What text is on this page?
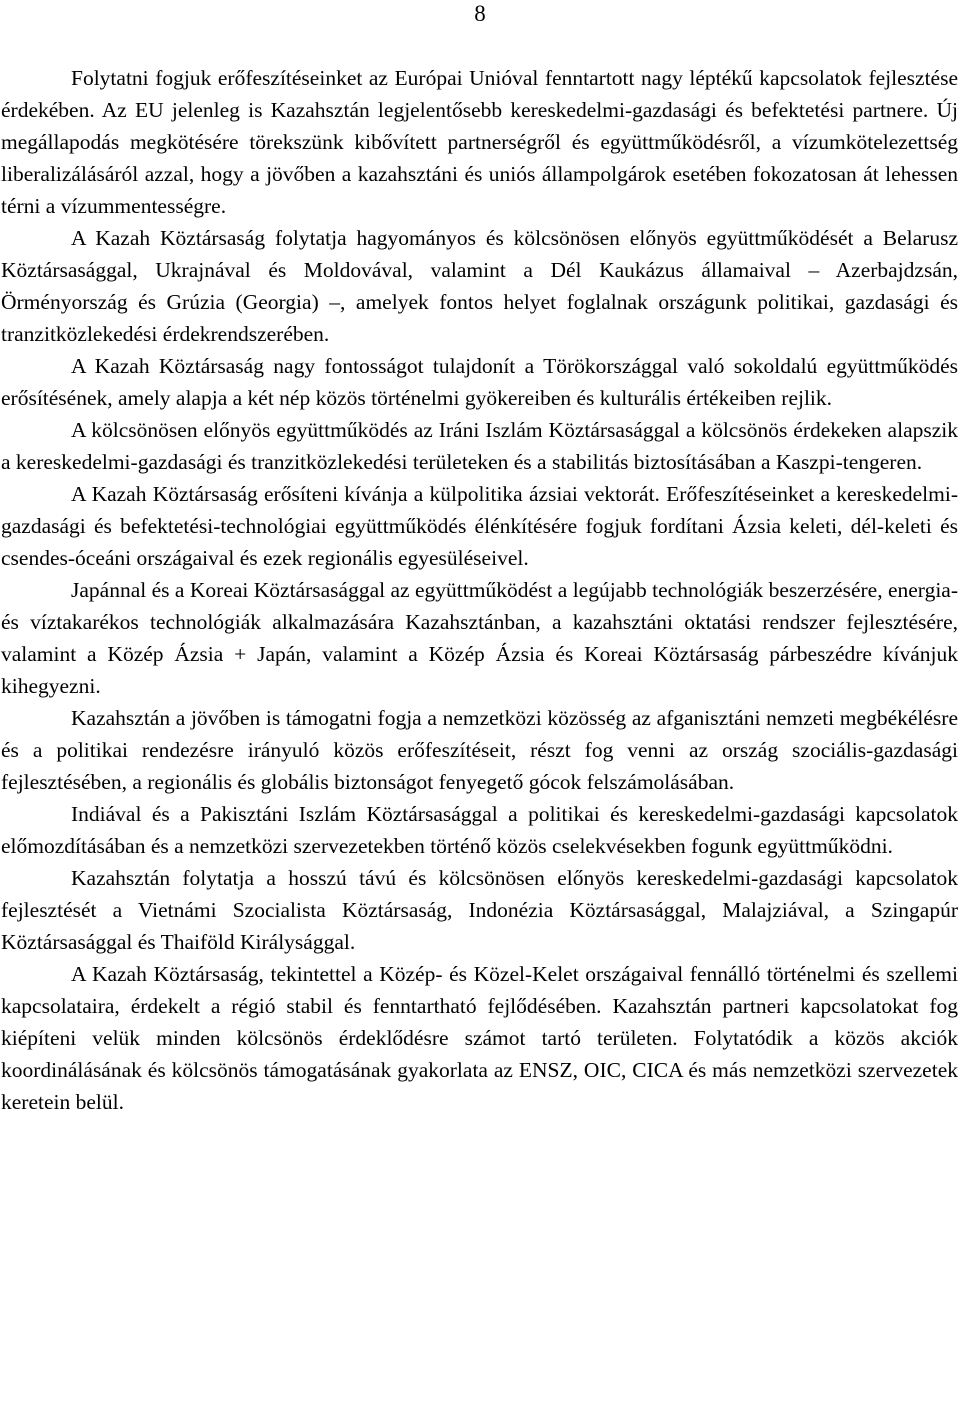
8

Folytatni fogjuk erőfeszítéseinket az Európai Unióval fenntartott nagy léptékű kapcsolatok fejlesztése érdekében. Az EU jelenleg is Kazahsztán legjelentősebb kereskedelmi-gazdasági és befektetési partnere. Új megállapodás megkötésére törekszünk kibővített partnerségről és együttműködésről, a vízumkötelezettség liberalizálásáról azzal, hogy a jövőben a kazahsztáni és uniós állampolgárok esetében fokozatosan át lehessen térni a vízummentességre.

A Kazah Köztársaság folytatja hagyományos és kölcsönösen előnyös együttműködését a Belarusz Köztársasággal, Ukrajnával és Moldovával, valamint a Dél Kaukázus államaival – Azerbajdzsán, Örményország és Grúzia (Georgia) –, amelyek fontos helyet foglalnak országunk politikai, gazdasági és tranzitközlekedési érdekrendszerében.

A Kazah Köztársaság nagy fontosságot tulajdonít a Törökországgal való sokoldalú együttműködés erősítésének, amely alapja a két nép közös történelmi gyökereiben és kulturális értékeiben rejlik.

A kölcsönösen előnyös együttműködés az Iráni Iszlám Köztársasággal a kölcsönös érdekeken alapszik a kereskedelmi-gazdasági és tranzitközlekedési területeken és a stabilitás biztosításában a Kaszpi-tengeren.

A Kazah Köztársaság erősíteni kívánja a külpolitika ázsiai vektorát. Erőfeszítéseinket a kereskedelmi-gazdasági és befektetési-technológiai együttműködés élénkítésére fogjuk fordítani Ázsia keleti, dél-keleti és csendes-óceáni országaival és ezek regionális egyesüléseivel.

Japánnal és a Koreai Köztársasággal az együttműködést a legújabb technológiák beszerzésére, energia- és víztakarékos technológiák alkalmazására Kazahsztánban, a kazahsztáni oktatási rendszer fejlesztésére, valamint a Közép Ázsia + Japán, valamint a Közép Ázsia és Koreai Köztársaság párbeszédre kívánjuk kihegyezni.

Kazahsztán a jövőben is támogatni fogja a nemzetközi közösség az afganisztáni nemzeti megbékélésre és a politikai rendezésre irányuló közös erőfeszítéseit, részt fog venni az ország szociális-gazdasági fejlesztésében, a regionális és globális biztonságot fenyegető gócok felszámolásában.

Indiával és a Pakisztáni Iszlám Köztársasággal a politikai és kereskedelmi-gazdasági kapcsolatok előmozdításában és a nemzetközi szervezetekben történő közös cselekvésekben fogunk együttműködni.

Kazahsztán folytatja a hosszú távú és kölcsönösen előnyös kereskedelmi-gazdasági kapcsolatok fejlesztését a Vietnámi Szocialista Köztársaság, Indonézia Köztársasággal, Malajziával, a Szingapúr Köztársasággal és Thaiföld Királysággal.

A Kazah Köztársaság, tekintettel a Közép- és Közel-Kelet országaival fennálló történelmi és szellemi kapcsolataira, érdekelt a régió stabil és fenntartható fejlődésében. Kazahsztán partneri kapcsolatokat fog kiépíteni velük minden kölcsönös érdeklődésre számot tartó területen. Folytatódik a közös akciók koordinálásának és kölcsönös támogatásának gyakorlata az ENSZ, OIC, CICA és más nemzetközi szervezetek keretein belül.
